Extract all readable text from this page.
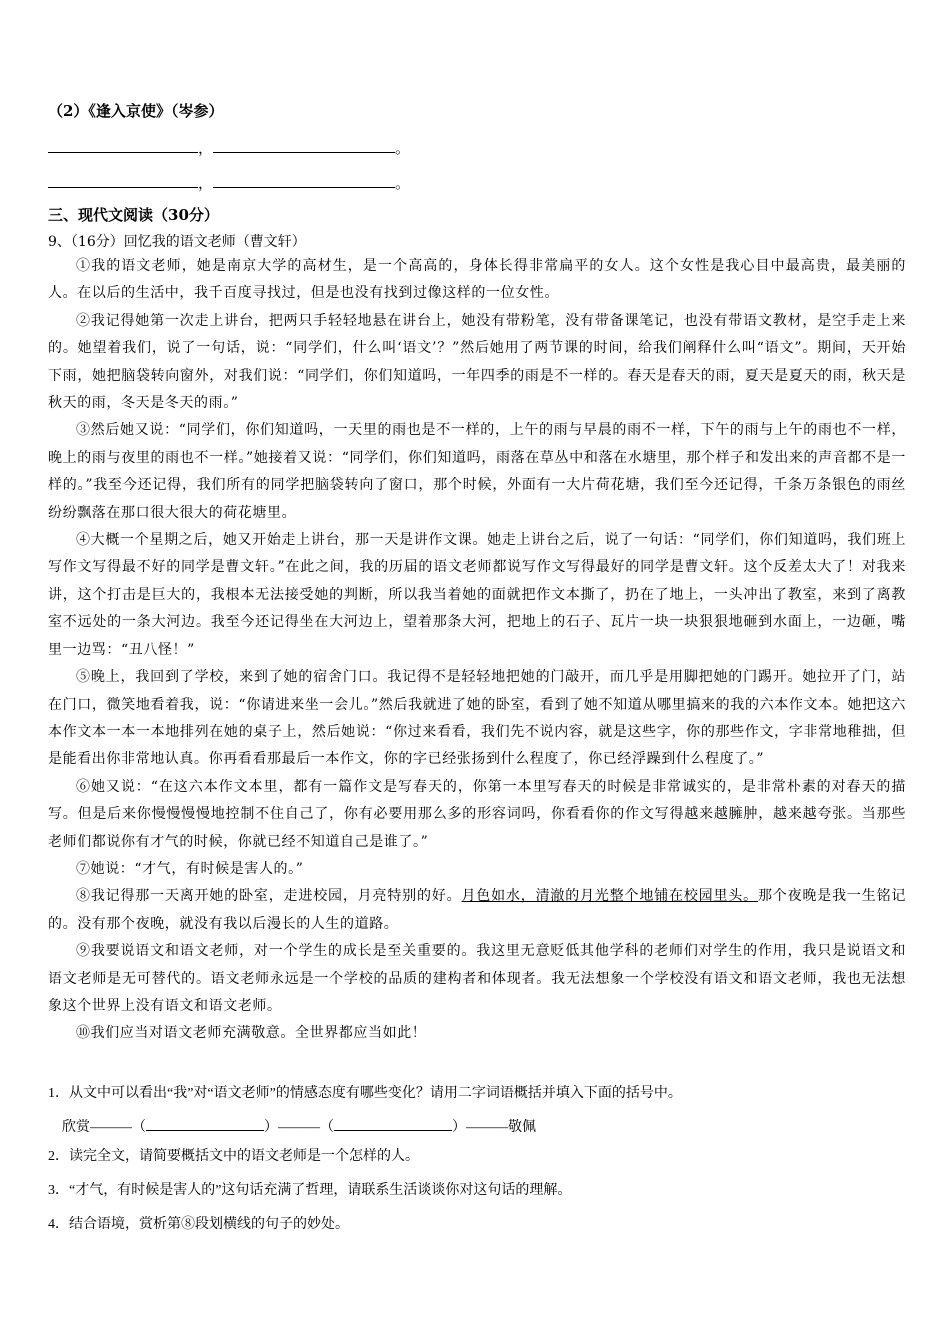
（2）《逢入京使》（岑参）
，	。
，	。
三、现代文阅读（30分）
9、（16分）回忆我的语文老师（曹文轩）

①我的语文老师，她是南京大学的高材生，是一个高高的，身体长得非常扁平的女人。这个女性是我心目中最高贵，最美丽的人。在以后的生活中，我千百度寻找过，但是也没有找到过像这样的一位女性。

②我记得她第一次走上讲台，把两只手轻轻地悬在讲台上，她没有带粉笔，没有带备课笔记，也没有带语文教材，是空手走上来的。她望着我们，说了一句话，说：“同学们，什么叫‘语文’？”然后她用了两节课的时间，给我们阐释什么叫“语文”。期间，天开始下雨，她把脑袋转向窗外，对我们说：“同学们，你们知道吗，一年四季的雨是不一样的。春天是春天的雨，夏天是夏天的雨，秋天是秋天的雨，冬天是冬天的雨。”

③然后她又说：“同学们，你们知道吗，一天里的雨也是不一样的，上午的雨与早晨的雨不一样，下午的雨与上午的雨也不一样，晚上的雨与夜里的雨也不一样。”她接着又说：“同学们，你们知道吗，雨落在草丛中和落在水塘里，那个样子和发出来的声音都不是一样的。”我至今还记得，我们所有的同学把脑袋转向了窗口，那个时候，外面有一大片荷花塘，我们至今还记得，千条万条银色的雨丝纷纷飘落在那口很大很大的荷花塘里。

④大概一个星期之后，她又开始走上讲台，那一天是讲作文课。她走上讲台之后，说了一句话：“同学们，你们知道吗，我们班上写作文写得最不好的同学是曹文轩。”在此之间，我的历届的语文老师都说写作文写得最好的同学是曹文轩。这个反差太大了！对我来讲，这个打击是巨大的，我根本无法接受她的判断，所以我当着她的面就把作文本撕了，扔在了地上，一头冲出了教室，来到了离教室不远处的一条大河边。我至今还记得坐在大河边上，望着那条大河，把地上的石子、瓦片一块一块狠狠地砸到水面上，一边砸，嘴里一边骂：“丑八怪！”

⑤晚上，我回到了学校，来到了她的宿舍门口。我记得不是轻轻地把她的门敲开，而几乎是用脚把她的门踢开。她拉开了门，站在门口，微笑地看着我，说：“你请进来坐一会儿。”然后我就进了她的卧室，看到了她不知道从哪里搞来的我的六本作文本。她把这六本作文本一本一本地排列在她的桌子上，然后她说：“你过来看看，我们先不说内容，就是这些字，你的那些作文，字非常地稚拙，但是能看出你非常地认真。你再看看那最后一本作文，你的字已经张扬到什么程度了，你已经浮躁到什么程度了。”

⑥她又说：“在这六本作文本里，都有一篇作文是写春天的，你第一本里写春天的时候是非常诚实的，是非常朴素的对春天的描写。但是后来你慢慢慢慢地控制不住自己了，你有必要用那么多的形容词吗，你看看你的作文写得越来越臃肿，越来越夸张。当那些老师们都说你有才气的时候，你就已经不知道自己是谁了。”

⑦她说：“才气，有时候是害人的。”

⑧我记得那一天离开她的卧室，走进校园，月亮特别的好。月色如水，清澈的月光整个地铺在校园里头。那个夜晚是我一生铭记的。没有那个夜晚，就没有我以后漫长的人生的道路。

⑨我要说语文和语文老师，对一个学生的成长是至关重要的。我这里无意贬低其他学科的老师们对学生的作用，我只是说语文和语文老师是无可替代的。语文老师永远是一个学校的品质的建构者和体现者。我无法想象一个学校没有语文和语文老师，我也无法想象这个世界上没有语文和语文老师。

⑩我们应当对语文老师充满敬意。全世界都应当如此！

1．从文中可以看出“我”对“语文老师”的情感态度有哪些变化？请用二字词语概括并填入下面的括号中。
欣赏———（	）———（	）———敬佩
2．读完全文，请简要概括文中的语文老师是一个怎样的人。
3．“才气，有时候是害人的”这句话充满了哲理，请联系生活谈谈你对这句话的理解。
4．结合语境，赏析第⑧段划横线的句子的妙处。
